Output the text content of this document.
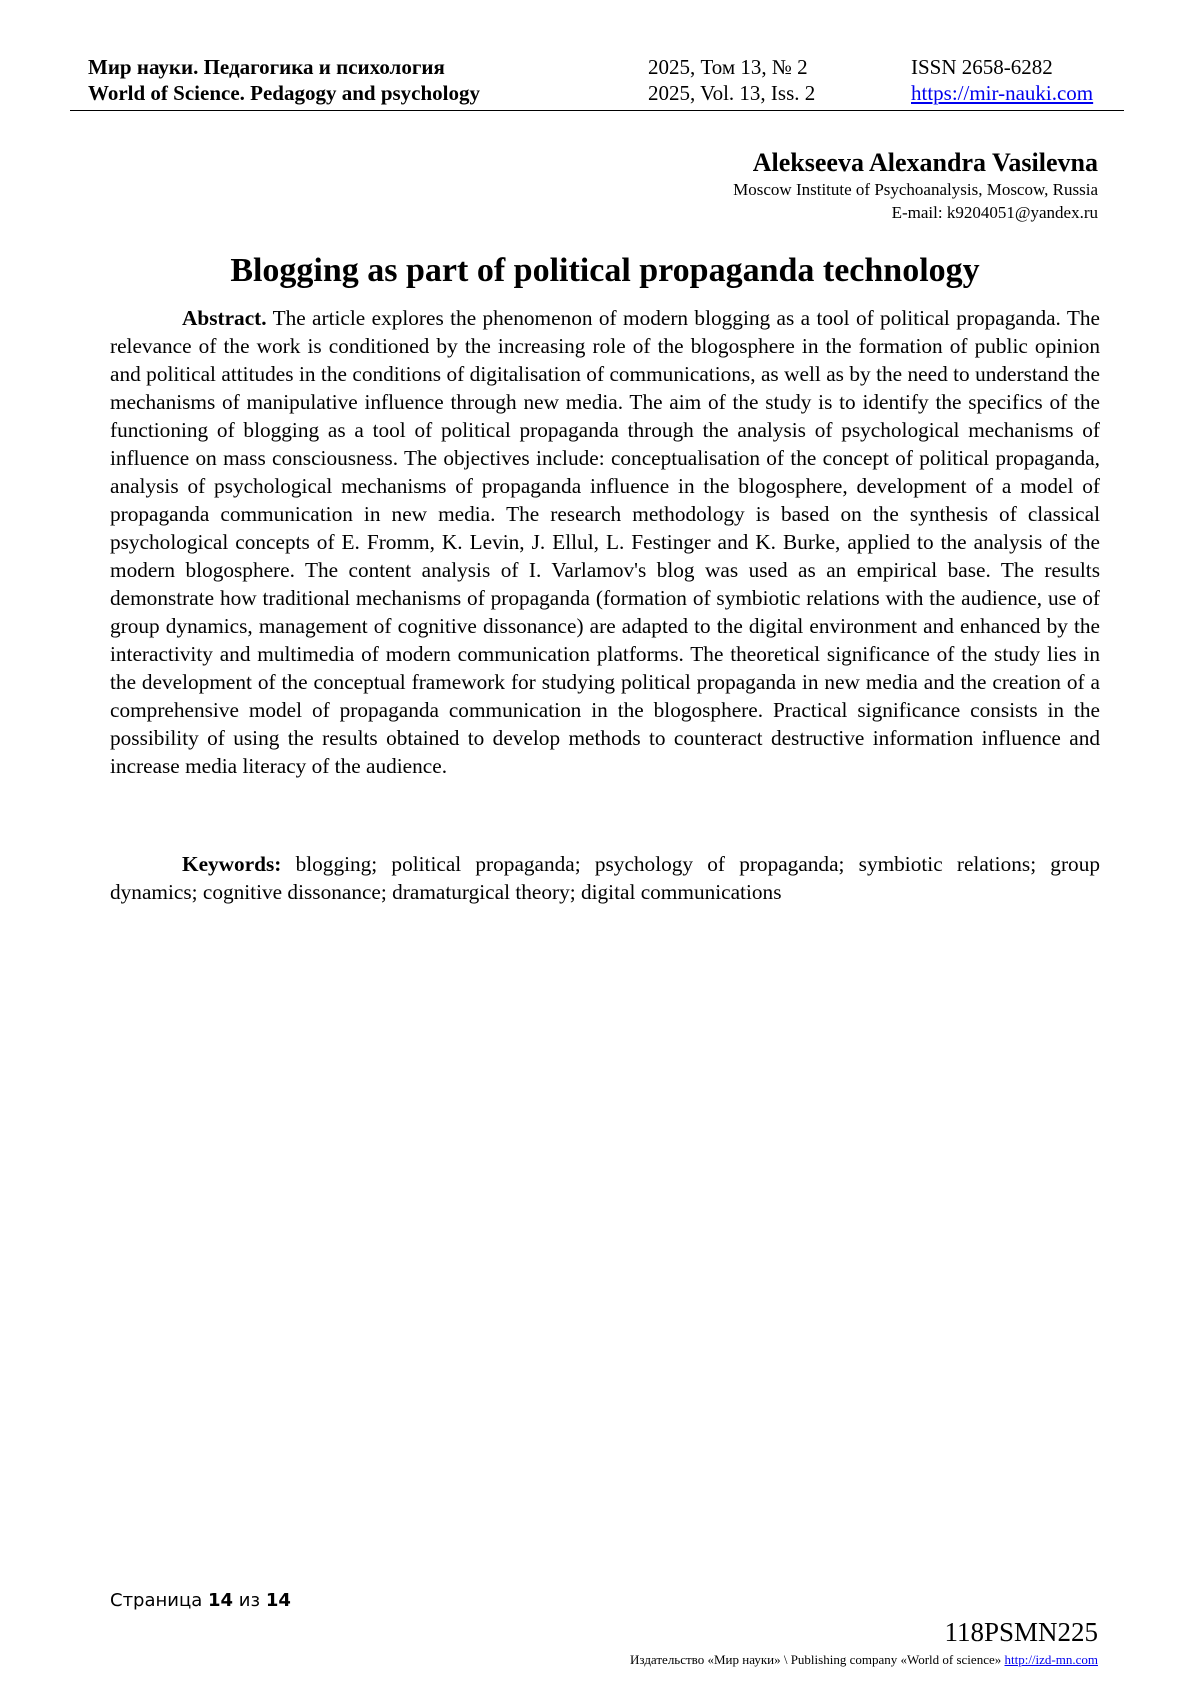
Мир науки. Педагогика и психология
World of Science. Pedagogy and psychology
2025, Том 13, № 2
2025, Vol. 13, Iss. 2
ISSN 2658-6282
https://mir-nauki.com
Alekseeva Alexandra Vasilevna
Moscow Institute of Psychoanalysis, Moscow, Russia
E-mail: k9204051@yandex.ru
Blogging as part of political propaganda technology

Abstract. The article explores the phenomenon of modern blogging as a tool of political propaganda. The relevance of the work is conditioned by the increasing role of the blogosphere in the formation of public opinion and political attitudes in the conditions of digitalisation of communications, as well as by the need to understand the mechanisms of manipulative influence through new media. The aim of the study is to identify the specifics of the functioning of blogging as a tool of political propaganda through the analysis of psychological mechanisms of influence on mass consciousness. The objectives include: conceptualisation of the concept of political propaganda, analysis of psychological mechanisms of propaganda influence in the blogosphere, development of a model of propaganda communication in new media. The research methodology is based on the synthesis of classical psychological concepts of E. Fromm, K. Levin, J. Ellul, L. Festinger and K. Burke, applied to the analysis of the modern blogosphere. The content analysis of I. Varlamov's blog was used as an empirical base. The results demonstrate how traditional mechanisms of propaganda (formation of symbiotic relations with the audience, use of group dynamics, management of cognitive dissonance) are adapted to the digital environment and enhanced by the interactivity and multimedia of modern communication platforms. The theoretical significance of the study lies in the development of the conceptual framework for studying political propaganda in new media and the creation of a comprehensive model of propaganda communication in the blogosphere. Practical significance consists in the possibility of using the results obtained to develop methods to counteract destructive information influence and increase media literacy of the audience.

Keywords: blogging; political propaganda; psychology of propaganda; symbiotic relations; group dynamics; cognitive dissonance; dramaturgical theory; digital communications

Страница 14 из 14
118PSMN225
Издательство «Мир науки» \ Publishing company «World of science» http://izd-mn.com
